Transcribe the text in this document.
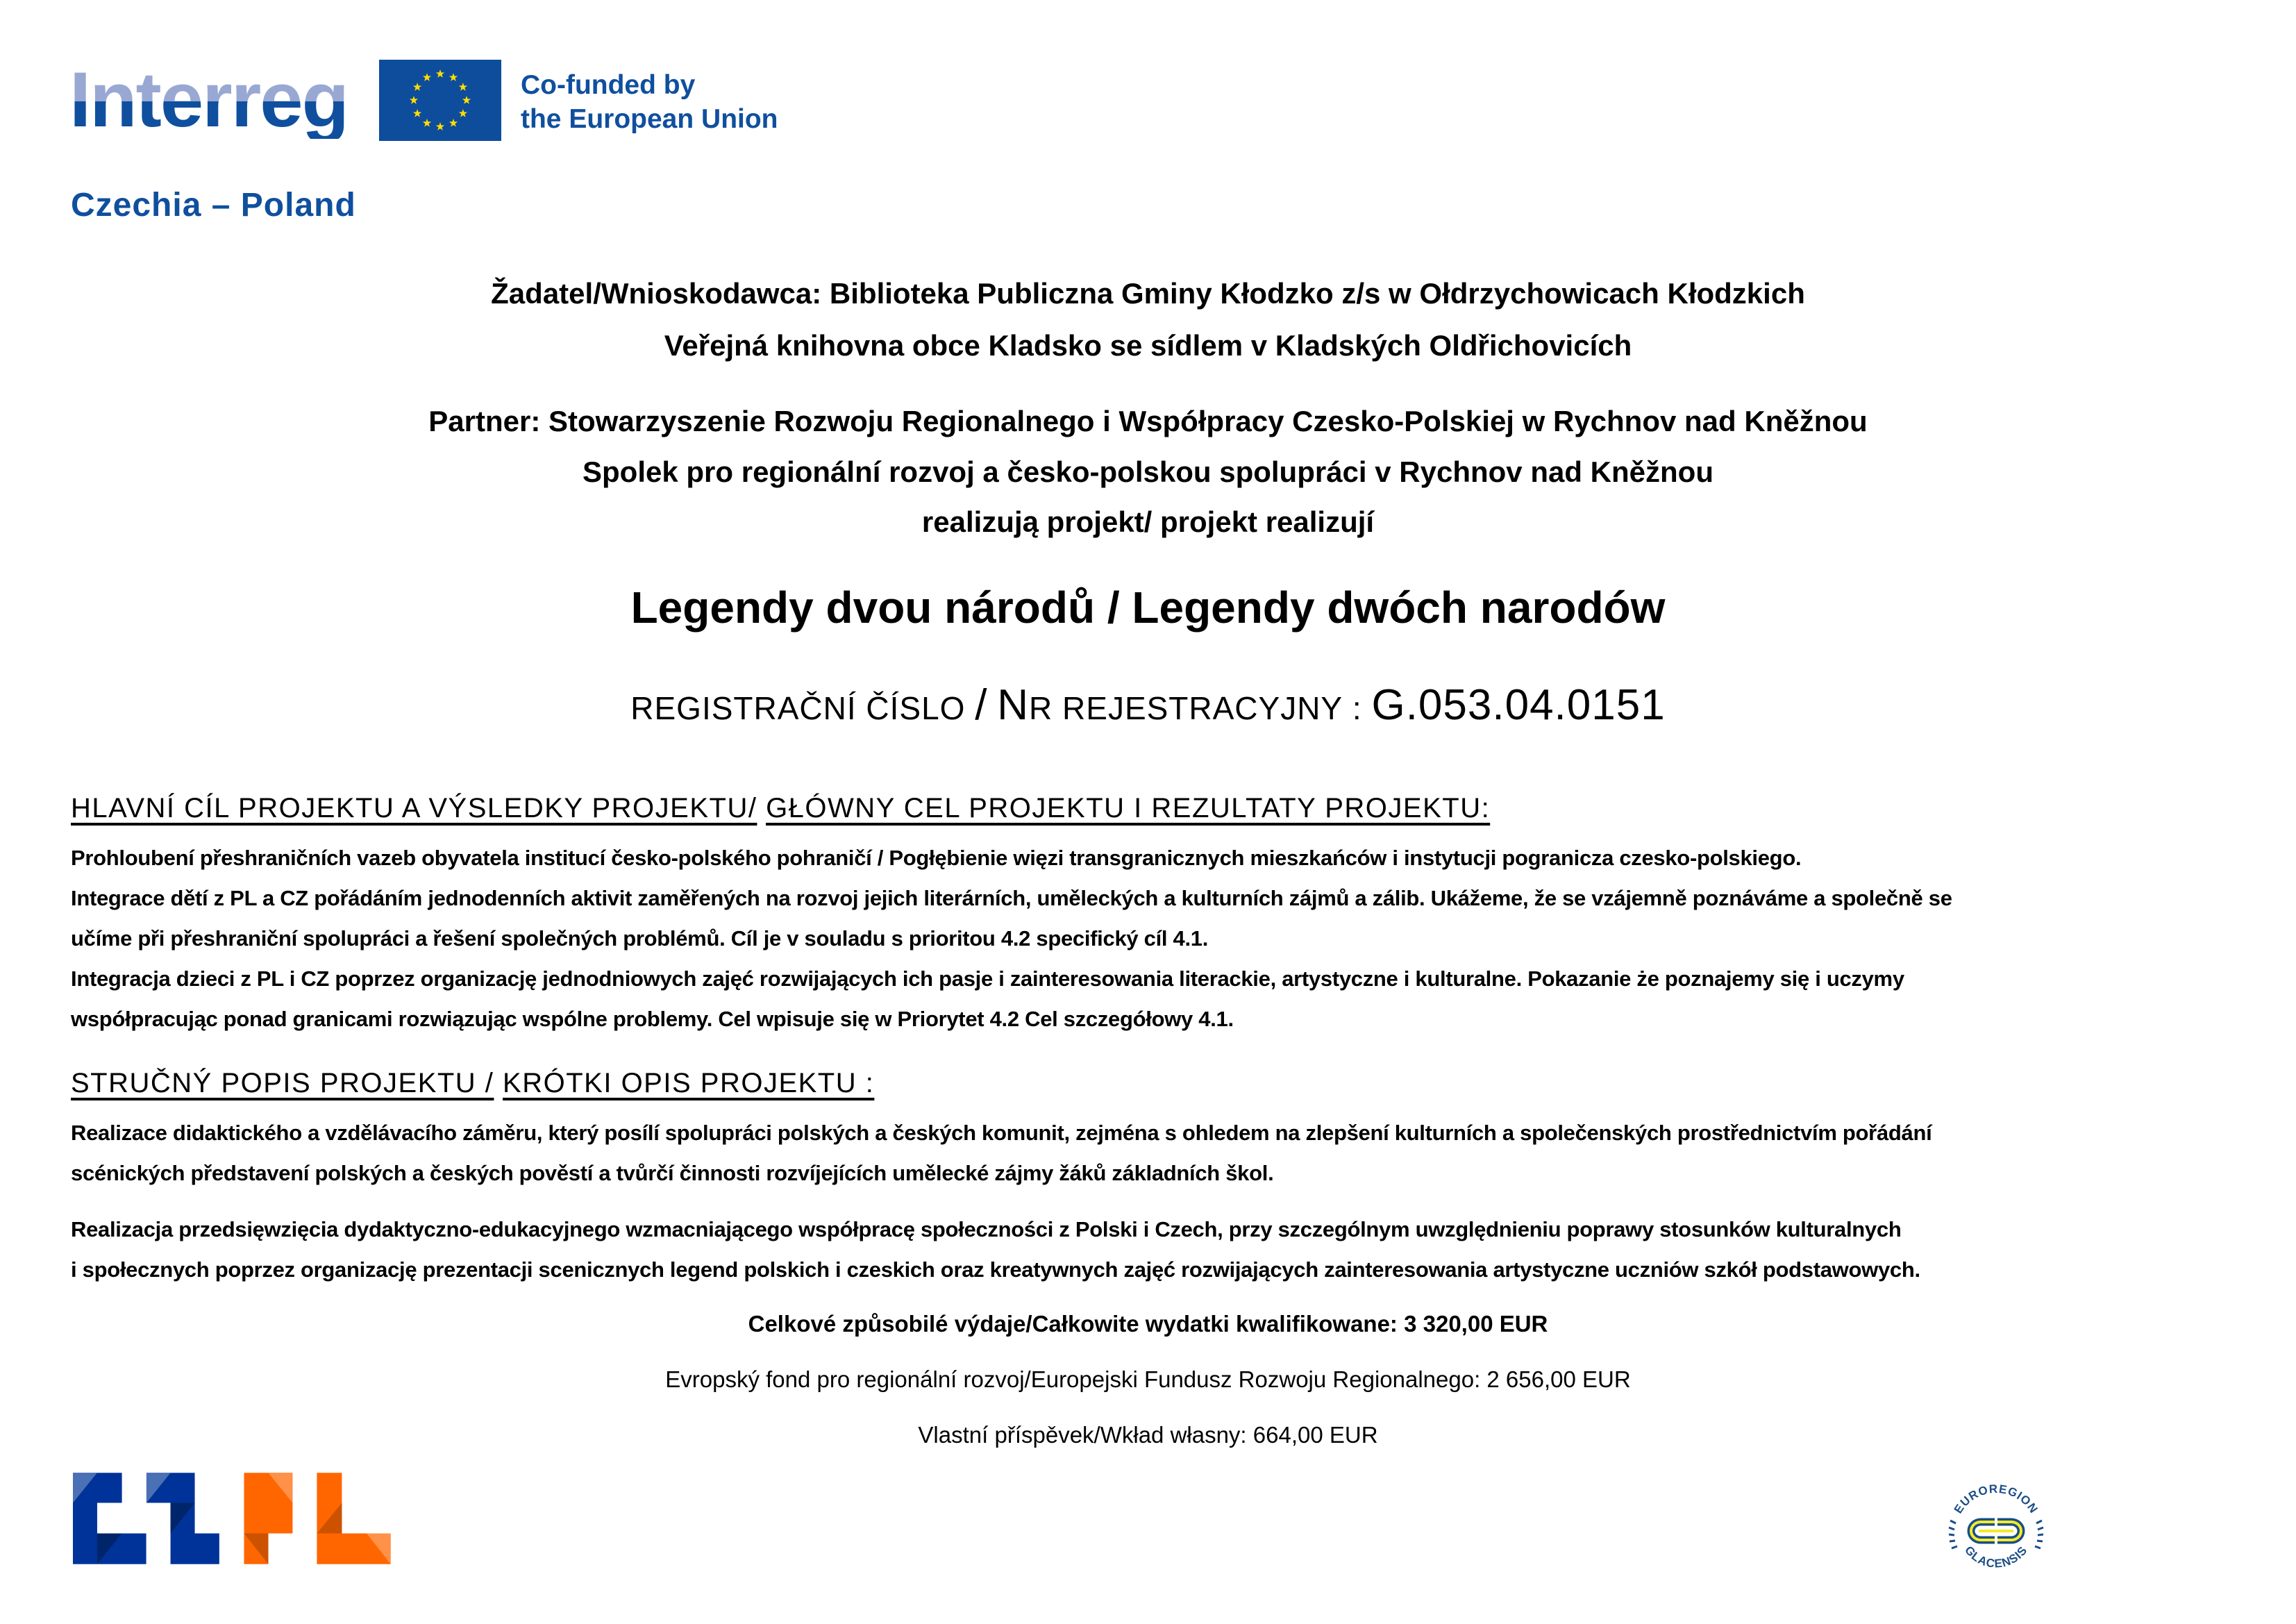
Interreg	Co-funded by
the European Union
Czechia – Poland
Žadatel/Wnioskodawca: Biblioteka Publiczna Gminy Kłodzko z/s w Ołdrzychowicach Kłodzkich
Veřejná knihovna obce Kladsko se sídlem v Kladských Oldřichovicích
Partner: Stowarzyszenie Rozwoju Regionalnego i Współpracy Czesko-Polskiej w Rychnov nad Kněžnou
Spolek pro regionální rozvoj a česko-polskou spolupráci v Rychnov nad Kněžnou
realizują projekt/ projekt realizují
Legendy dvou národů / Legendy dwóch narodów
REGISTRAČNÍ ČÍSLO / NR REJESTRACYJNY : G.053.04.0151
HLAVNÍ CÍL PROJEKTU A VÝSLEDKY PROJEKTU/ GŁÓWNY CEL PROJEKTU I REZULTATY PROJEKTU:
Prohloubení přeshraničních vazeb obyvatela institucí česko-polského pohraničí / Pogłębienie więzi transgranicznych mieszkańców i instytucji pogranicza czesko-polskiego.
Integrace dětí z PL a CZ pořádáním jednodenních aktivit zaměřených na rozvoj jejich literárních, uměleckých a kulturních zájmů a zálib. Ukážeme, že se vzájemně poznáváme a společně se
učíme při přeshraniční spolupráci a řešení společných problémů. Cíl je v souladu s prioritou 4.2 specifický cíl 4.1.
Integracja dzieci z PL i CZ poprzez organizację jednodniowych zajęć rozwijających ich pasje i zainteresowania literackie, artystyczne i kulturalne. Pokazanie że poznajemy się i uczymy
współpracując ponad granicami rozwiązując wspólne problemy. Cel wpisuje się w Priorytet 4.2 Cel szczegółowy 4.1.
STRUČNÝ POPIS PROJEKTU / KRÓTKI OPIS PROJEKTU :
Realizace didaktického a vzdělávacího záměru, který posílí spolupráci polských a českých komunit, zejména s ohledem na zlepšení kulturních a společenských prostřednictvím pořádání
scénických představení polských a českých pověstí a tvůrčí činnosti rozvíjejících umělecké zájmy žáků základních škol.
Realizacja przedsięwzięcia dydaktyczno-edukacyjnego wzmacniającego współpracę społeczności z Polski i Czech, przy szczególnym uwzględnieniu poprawy stosunków kulturalnych
i społecznych poprzez organizację prezentacji scenicznych legend polskich i czeskich oraz kreatywnych zajęć rozwijających zainteresowania artystyczne uczniów szkół podstawowych.
Celkové způsobilé výdaje/Całkowite wydatki kwalifikowane: 3 320,00 EUR
Evropský fond pro regionální rozvoj/Europejski Fundusz Rozwoju Regionalnego: 2 656,00 EUR
Vlastní příspěvek/Wkład własny: 664,00 EUR
EUROREGION
GLACENSIS
